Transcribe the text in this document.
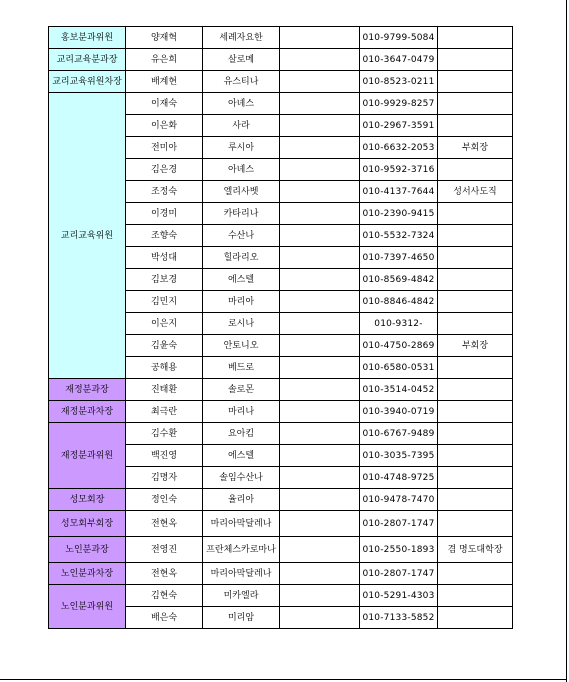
홍보분과위원	양재혁	세례자요한		010-9799-5084	
교리교육분과장	유은희	살로메		010-3647-0479	
교리교육위원차장	배계현	유스티나		010-8523-0211	
교리교육위원	이재숙	아녜스		010-9929-8257	
	이은화	사라		010-2967-3591	
	전미아	루시아		010-6632-2053	부회장
	김은경	아녜스		010-9592-3716	
	조정숙	엘리사벳		010-4137-7644	성서사도직
	이경미	카타리나		010-2390-9415	
	조향숙	수산나		010-5532-7324	
	박성대	힐라리오		010-7397-4650	
	김보경	에스텔		010-8569-4842	
	김민지	마리아		010-8846-4842	
	이은지	로시나		010-9312-	
	김윤숙	안토니오		010-4750-2869	부회장
	공해용	베드로		010-6580-0531	
재정분과장	진태환	솔로몬		010-3514-0452	
재정분과차장	최극란	마리나		010-3940-0719	
재정분과위원	김수환	요아킴		010-6767-9489	
	백진영	에스텔		010-3035-7395	
	김명자	솔임수산나		010-4748-9725	
성모회장	정인숙	율리아		010-9478-7470	
성모회부회장	전현옥	마리아막달레나		010-2807-1747	
노인분과장	전영진	프란체스카로마나		010-2550-1893	겸 명도대학장
노인분과차장	전현옥	마리아막달레나		010-2807-1747	
노인분과위원	김현숙	미카엘라		010-5291-4303	
	배은숙	미리암		010-7133-5852	
